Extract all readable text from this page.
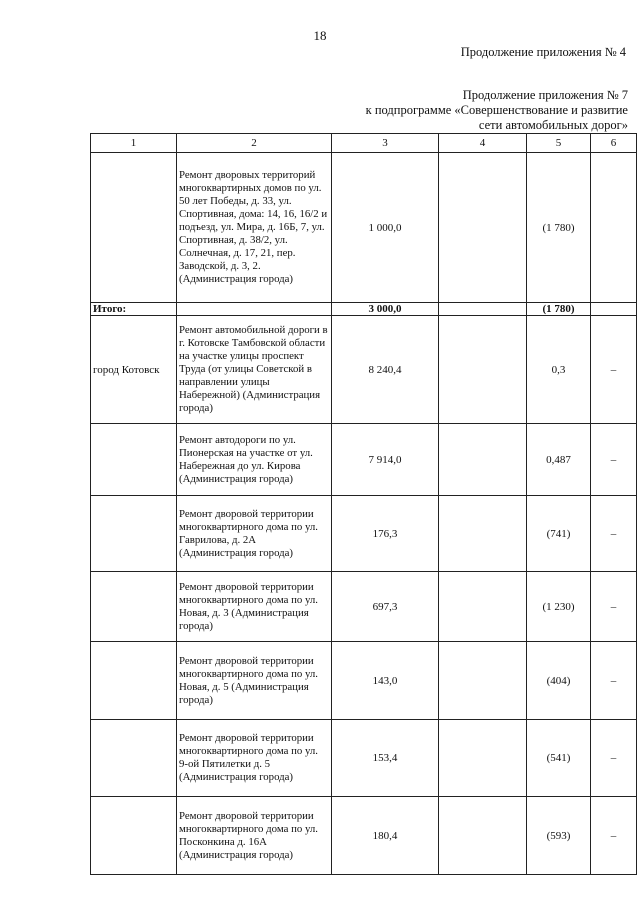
18
Продолжение приложения № 4
Продолжение приложения № 7
к подпрограмме «Совершенствование и развитие
сети автомобильных дорог»
1	2	3	4	5	6
	Ремонт дворовых территорий многоквартирных домов по ул. 50 лет Победы, д. 33, ул. Спортивная, дома: 14, 16, 16/2 и подъезд, ул. Мира, д. 16Б, 7, ул. Спортивная, д. 38/2, ул. Солнечная, д. 17, 21, пер. Заводской, д. 3, 2. (Администрация города)	1 000,0		(1 780)	
Итого:		3 000,0		(1 780)	
город Котовск	Ремонт автомобильной дороги в г. Котовске Тамбовской области на участке улицы проспект Труда (от улицы Советской в направлении улицы Набережной) (Администрация города)	8 240,4		0,3	–
	Ремонт автодороги по ул. Пионерская на участке от ул. Набережная до ул. Кирова (Администрация города)	7 914,0		0,487	–
	Ремонт дворовой территории многоквартирного дома по ул. Гаврилова, д. 2А (Администрация города)	176,3		(741)	–
	Ремонт дворовой территории многоквартирного дома по ул. Новая, д. 3 (Администрация города)	697,3		(1 230)	–
	Ремонт дворовой территории многоквартирного дома по ул. Новая, д. 5 (Администрация города)	143,0		(404)	–
	Ремонт дворовой территории многоквартирного дома по ул. 9-ой Пятилетки д. 5 (Администрация города)	153,4		(541)	–
	Ремонт дворовой территории многоквартирного дома по ул. Посконкина д. 16А (Администрация города)	180,4		(593)	–
